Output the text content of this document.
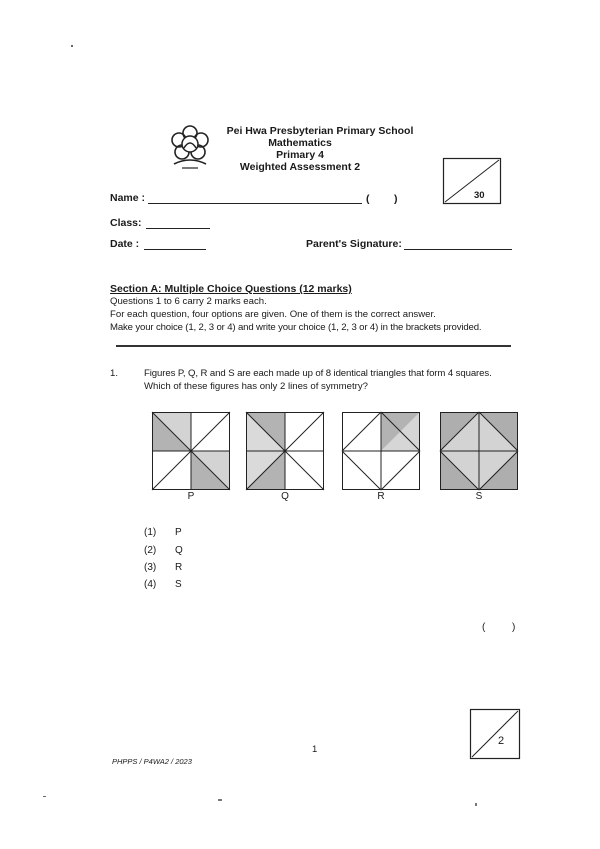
Pei Hwa Presbyterian Primary School
Mathematics
Primary 4
Weighted Assessment 2
30
Name :	( )
Class:
Date :	Parent's Signature:
Section A: Multiple Choice Questions (12 marks)
Questions 1 to 6 carry 2 marks each.
For each question, four options are given. One of them is the correct answer.
Make your choice (1, 2, 3 or 4) and write your choice (1, 2, 3 or 4) in the brackets provided.
1.	Figures P, Q, R and S are each made up of 8 identical triangles that form 4 squares.
Which of these figures has only 2 lines of symmetry?
P	Q	R	S
(1) P
(2) Q
(3) R
(4) S
(	)
2
1
PHPPS / P4WA2 / 2023
